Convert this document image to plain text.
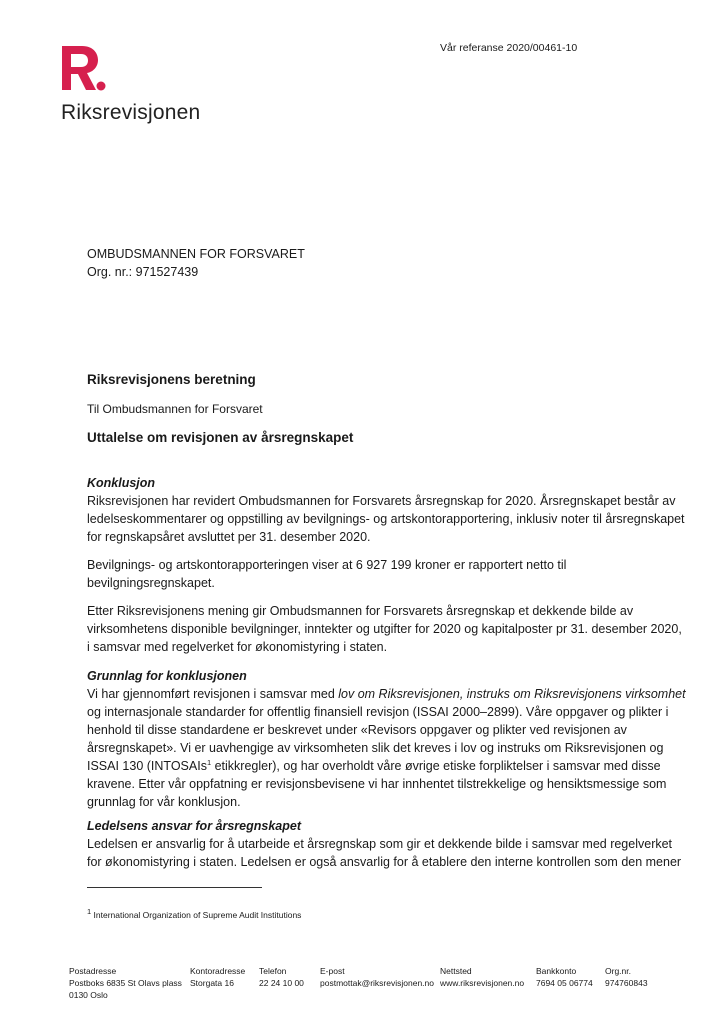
Vår referanse 2020/00461-10
Riksrevisjonen
OMBUDSMANNEN FOR FORSVARET
Org. nr.: 971527439
Riksrevisjonens beretning
Til Ombudsmannen for Forsvaret
Uttalelse om revisjonen av årsregnskapet

Konklusjon

Riksrevisjonen har revidert Ombudsmannen for Forsvarets årsregnskap for 2020. Årsregnskapet består av ledelseskommentarer og oppstilling av bevilgnings- og artskontorapportering, inklusiv noter til årsregnskapet for regnskapsåret avsluttet per 31. desember 2020.

Bevilgnings- og artskontorapporteringen viser at 6 927 199 kroner er rapportert netto til bevilgningsregnskapet.

Etter Riksrevisjonens mening gir Ombudsmannen for Forsvarets årsregnskap et dekkende bilde av virksomhetens disponible bevilgninger, inntekter og utgifter for 2020 og kapitalposter pr 31. desember 2020, i samsvar med regelverket for økonomistyring i staten.

Grunnlag for konklusjonen

Vi har gjennomført revisjonen i samsvar med lov om Riksrevisjonen, instruks om Riksrevisjonens virksomhet og internasjonale standarder for offentlig finansiell revisjon (ISSAI 2000–2899). Våre oppgaver og plikter i henhold til disse standardene er beskrevet under «Revisors oppgaver og plikter ved revisjonen av årsregnskapet». Vi er uavhengige av virksomheten slik det kreves i lov og instruks om Riksrevisjonen og ISSAI 130 (INTOSAIs$^1$ etikkregler), og har overholdt våre øvrige etiske forpliktelser i samsvar med disse kravene. Etter vår oppfatning er revisjonsbevisene vi har innhentet tilstrekkelige og hensiktsmessige som grunnlag for vår konklusjon.

Ledelsens ansvar for årsregnskapet

Ledelsen er ansvarlig for å utarbeide et årsregnskap som gir et dekkende bilde i samsvar med regelverket for økonomistyring i staten. Ledelsen er også ansvarlig for å etablere den interne kontrollen som den mener

$^1$ International Organization of Supreme Audit Institutions
Postadresse
Postboks 6835 St Olavs plass
0130 Oslo
Kontoradresse
Storgata 16
Telefon
22 24 10 00
E-post
postmottak@riksrevisjonen.no
Nettsted
www.riksrevisjonen.no
Bankkonto
7694 05 06774
Org.nr.
974760843
